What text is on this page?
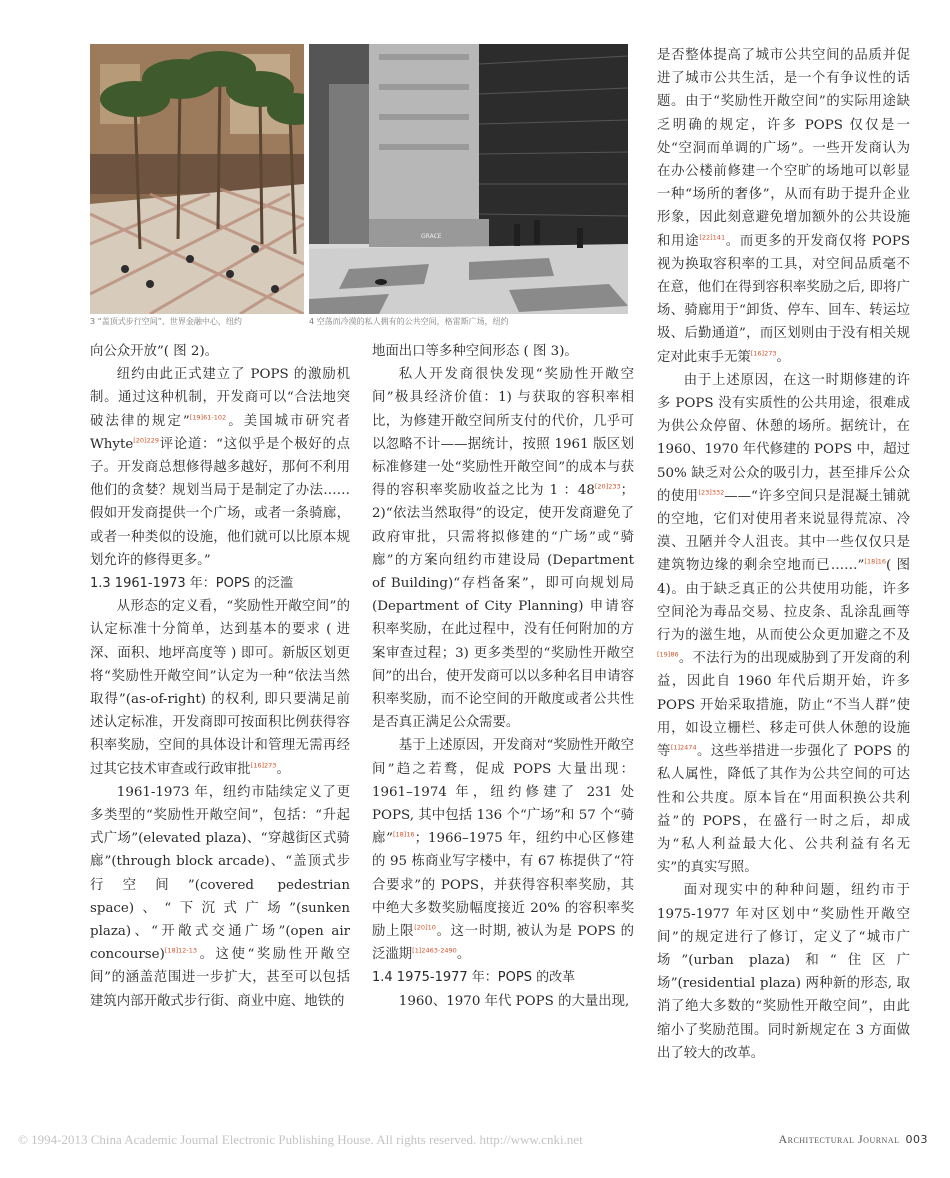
3 “盖顶式步行空间”、世界金融中心，纽约
GRACE
4 空荡而冷漠的私人拥有的公共空间，格雷斯广场，纽约

向公众开放”( 图 2)。

纽约由此正式建立了 POPS 的激励机制。通过这种机制，开发商可以“合法地突破法律的规定”$^{[19]61-102}$。美国城市研究者 Whyte$^{[20]229}$评论道：“这似乎是个极好的点子。开发商总想修得越多越好，那何不利用他们的贪婪？规划当局于是制定了办法……假如开发商提供一个广场，或者一条骑廊，或者一种类似的设施，他们就可以比原本规划允许的修得更多。”

1.3 1961-1973 年：POPS 的泛滥

从形态的定义看，“奖励性开敞空间”的认定标准十分简单，达到基本的要求 ( 进深、面积、地坪高度等 ) 即可。新版区划更将“奖励性开敞空间”认定为一种“依法当然取得”(as-of-right) 的权利, 即只要满足前述认定标准，开发商即可按面积比例获得容积率奖励，空间的具体设计和管理无需再经过其它技术审查或行政审批$^{[16]273}$。

1961-1973 年，纽约市陆续定义了更多类型的“奖励性开敞空间”，包括：“升起式广场”(elevated plaza)、“穿越街区式骑廊”(through block arcade)、“盖顶式步行空间”(covered pedestrian space)、“下沉式广场”(sunken plaza)、“开敞式交通广场”(open air concourse)$^{[18]12-13}$。这使“奖励性开敞空间”的涵盖范围进一步扩大，甚至可以包括建筑内部开敞式步行街、商业中庭、地铁的

地面出口等多种空间形态 ( 图 3)。

私人开发商很快发现“奖励性开敞空间”极具经济价值：1) 与获取的容积率相比，为修建开敞空间所支付的代价，几乎可以忽略不计——据统计，按照 1961 版区划标准修建一处“奖励性开敞空间”的成本与获得的容积率奖励收益之比为 1 ：48$^{[20]233}$；2)“依法当然取得”的设定，使开发商避免了政府审批，只需将拟修建的“广场”或“骑廊”的方案向纽约市建设局 (Department of Building)“存档备案”，即可向规划局 (Department of City Planning) 申请容积率奖励，在此过程中，没有任何附加的方案审查过程；3) 更多类型的“奖励性开敞空间”的出台，使开发商可以以多种名目申请容积率奖励，而不论空间的开敞度或者公共性是否真正满足公众需要。

基于上述原因，开发商对“奖励性开敞空间”趋之若鹜，促成 POPS 大量出现：1961–1974 年，纽约修建了 231 处 POPS, 其中包括 136 个“广场”和 57 个“骑廊”$^{[18]16}$；1966–1975 年，纽约中心区修建的 95 栋商业写字楼中，有 67 栋提供了“符合要求”的 POPS，并获得容积率奖励，其中绝大多数奖励幅度接近 20% 的容积率奖励上限$^{[20]10}$。这一时期, 被认为是 POPS 的泛滥期$^{[1]2463-2490}$。

1.4 1975-1977 年：POPS 的改革

1960、1970 年代 POPS 的大量出现,

是否整体提高了城市公共空间的品质并促进了城市公共生活，是一个有争议性的话题。由于“奖励性开敞空间”的实际用途缺乏明确的规定，许多 POPS 仅仅是一处“空洞而单调的广场”。一些开发商认为在办公楼前修建一个空旷的场地可以彰显一种“场所的奢侈”，从而有助于提升企业形象，因此刻意避免增加额外的公共设施和用途$^{[22]141}$。而更多的开发商仅将 POPS 视为换取容积率的工具，对空间品质毫不在意，他们在得到容积率奖励之后, 即将广场、骑廊用于“卸货、停车、回车、转运垃圾、后勤通道”，而区划则由于没有相关规定对此束手无策$^{[16]273}$。

由于上述原因，在这一时期修建的许多 POPS 没有实质性的公共用途，很难成为供公众停留、休憩的场所。据统计，在 1960、1970 年代修建的 POPS 中，超过 50% 缺乏对公众的吸引力，甚至排斥公众的使用$^{[23]332}$——“许多空间只是混凝土铺就的空地，它们对使用者来说显得荒凉、冷漠、丑陋并令人沮丧。其中一些仅仅只是建筑物边缘的剩余空地而已……”$^{[18]16}$( 图 4)。由于缺乏真正的公共使用功能，许多空间沦为毒品交易、拉皮条、乱涂乱画等行为的滋生地，从而使公众更加避之不及$^{[19]86}$。不法行为的出现威胁到了开发商的利益，因此自 1960 年代后期开始，许多 POPS 开始采取措施，防止“不当人群”使用，如设立栅栏、移走可供人休憩的设施等$^{[1]2474}$。这些举措进一步强化了 POPS 的私人属性，降低了其作为公共空间的可达性和公共度。原本旨在“用面积换公共利益”的 POPS，在盛行一时之后，却成为“私人利益最大化、公共利益有名无实”的真实写照。

面对现实中的种种问题，纽约市于 1975-1977 年对区划中“奖励性开敞空间”的规定进行了修订，定义了“城市广场”(urban plaza) 和“住区广场”(residential plaza) 两种新的形态, 取消了绝大多数的“奖励性开敞空间”，由此缩小了奖励范围。同时新规定在 3 方面做出了较大的改革。

© 1994-2013 China Academic Journal Electronic Publishing House. All rights reserved. http://www.cnki.net	Architectural Journal 003
